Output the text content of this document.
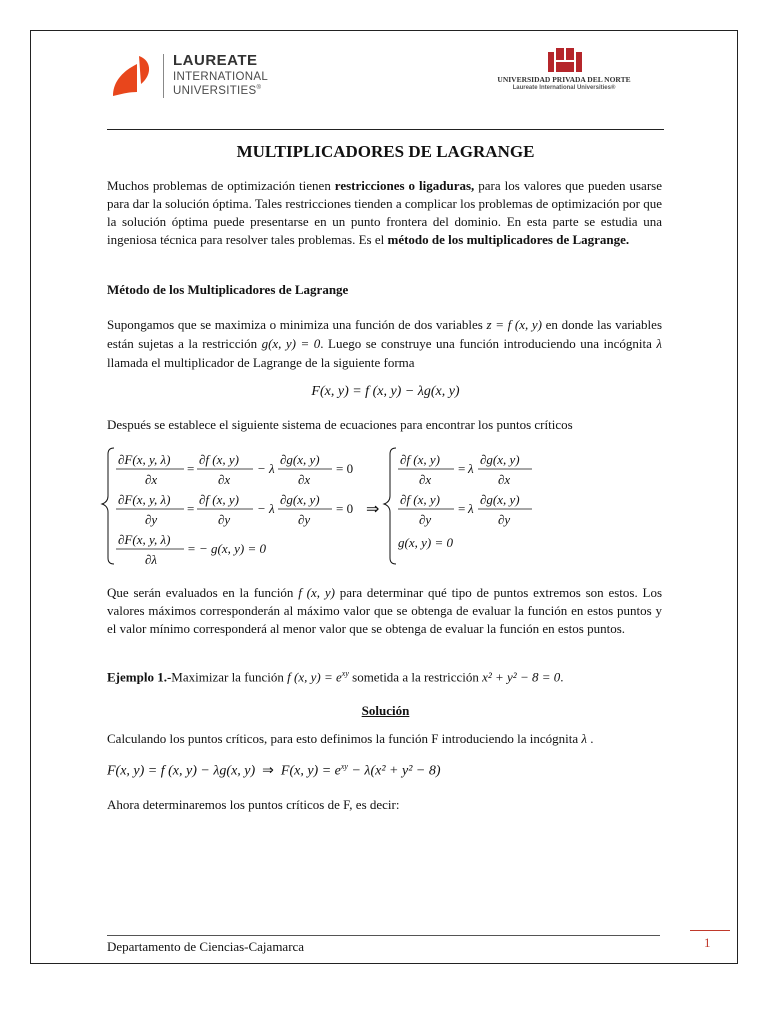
LAUREATE
INTERNATIONAL
UNIVERSITIES®
UNIVERSIDAD PRIVADA DEL NORTE
Laureate International Universities®
MULTIPLICADORES DE LAGRANGE
Muchos problemas de optimización tienen restricciones o ligaduras, para los valores que pueden usarse para dar la solución óptima. Tales restricciones tienden a complicar los problemas de optimización por que la solución óptima puede presentarse en un punto frontera del dominio. En esta parte se estudia una ingeniosa técnica para resolver tales problemas. Es el método de los multiplicadores de Lagrange.
Método de los Multiplicadores de Lagrange
Supongamos que se maximiza o minimiza una función de dos variables z = f (x, y) en donde las variables están sujetas a la restricción g(x, y) = 0. Luego se construye una función introduciendo una incógnita λ llamada el multiplicador de Lagrange de la siguiente forma
F(x, y) = f (x, y) − λg(x, y)
Después se establece el siguiente sistema de ecuaciones para encontrar los puntos críticos
∂F(x, y, λ)
∂x
=
∂f (x, y)
∂x
− λ
∂g(x, y)
∂x
= 0
∂F(x, y, λ)
∂y
=
∂f (x, y)
∂y
− λ
∂g(x, y)
∂y
= 0
∂F(x, y, λ)
∂λ
= − g(x, y) = 0
⇒
∂f (x, y)
∂x
= λ
∂g(x, y)
∂x
∂f (x, y)
∂y
= λ
∂g(x, y)
∂y
g(x, y) = 0
Que serán evaluados en la función f (x, y) para determinar qué tipo de puntos extremos son estos. Los valores máximos corresponderán al máximo valor que se obtenga de evaluar la función en estos puntos y el valor mínimo corresponderá al menor valor que se obtenga de evaluar la función en estos puntos.
Ejemplo 1.-Maximizar la función f (x, $y) = e^{xy}$ sometida a la restricción x² + y² − 8 = 0.
Solución
Calculando los puntos críticos, para esto definimos la función F introduciendo la incógnita λ .
F(x, y) = f (x, y) − λg(x, y) ⇒ F(x, $y) = e^{xy} - \lambda(x^2 + y^2 - 8)$
Ahora determinaremos los puntos críticos de F, es decir:
Departamento de Ciencias-Cajamarca	1
